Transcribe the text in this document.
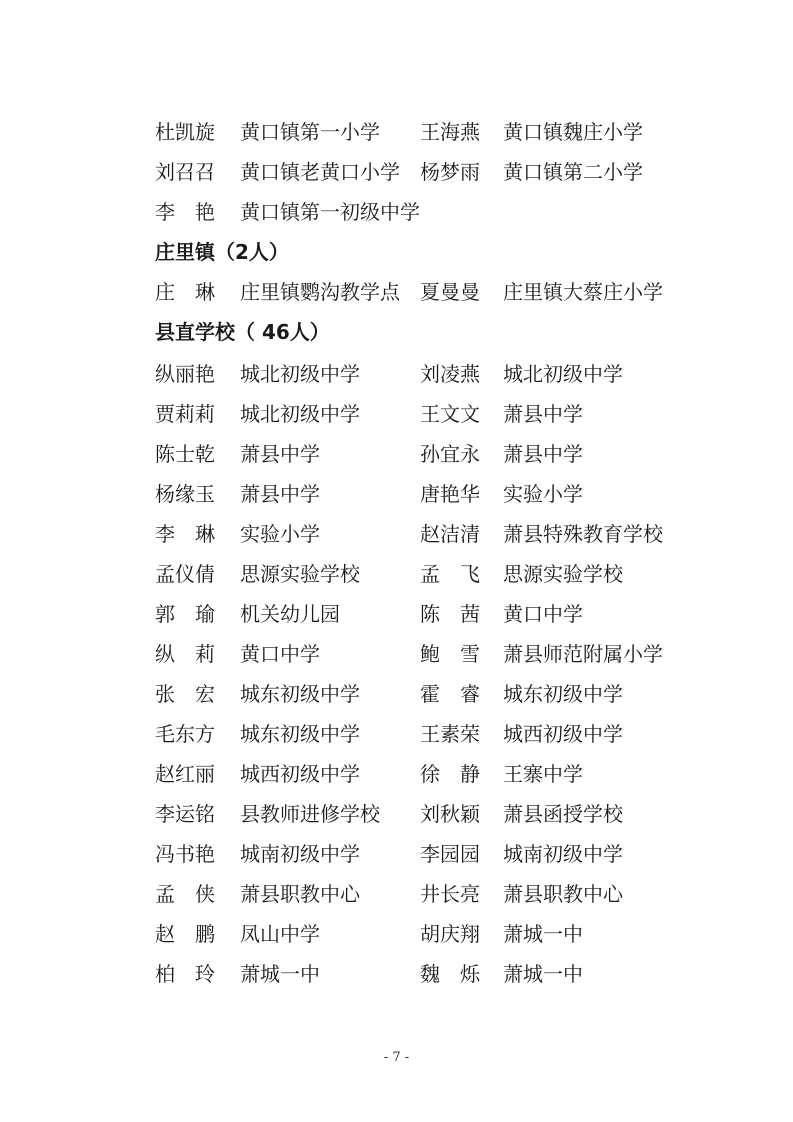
杜凯旋 黄口镇第一小学 王海燕 黄口镇魏庄小学
刘召召 黄口镇老黄口小学 杨梦雨 黄口镇第二小学
李　艳 黄口镇第一初级中学
庄里镇（2人）
庄　琳 庄里镇鹦沟教学点 夏曼曼 庄里镇大蔡庄小学
县直学校（ 46人）
纵丽艳 城北初级中学	刘凌燕 城北初级中学
贾莉莉 城北初级中学	王文文 萧县中学
陈士乾 萧县中学	孙宜永 萧县中学
杨缘玉 萧县中学	唐艳华 实验小学
李　琳 实验小学	赵洁清 萧县特殊教育学校
孟仪倩 思源实验学校	孟　飞 思源实验学校
郭　瑜 机关幼儿园	陈　茜 黄口中学
纵　莉 黄口中学	鲍　雪 萧县师范附属小学
张　宏 城东初级中学	霍　睿 城东初级中学
毛东方 城东初级中学	王素荣 城西初级中学
赵红丽 城西初级中学	徐　静 王寨中学
李运铭 县教师进修学校 刘秋颖 萧县函授学校
冯书艳 城南初级中学	李园园 城南初级中学
孟　侠 萧县职教中心	井长亮 萧县职教中心
赵　鹏 凤山中学	胡庆翔 萧城一中
柏　玲 萧城一中	魏　烁 萧城一中
- 7 -
